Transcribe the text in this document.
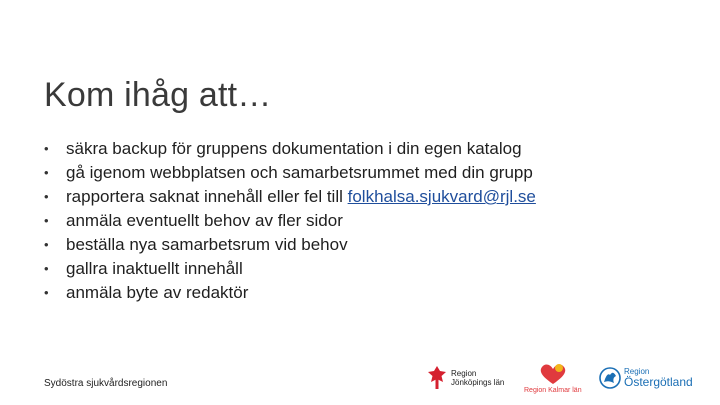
Kom ihåg att…
•	säkra backup för gruppens dokumentation i din egen katalog
•	gå igenom webbplatsen och samarbetsrummet med din grupp
•	rapportera saknat innehåll eller fel till folkhalsa.sjukvard@rjl.se
•	anmäla eventuellt behov av fler sidor
•	beställa nya samarbetsrum vid behov
•	gallra inaktuellt innehåll
•	anmäla byte av redaktör
Sydöstra sjukvårdsregionen
Region
Jönköpings län
Region Kalmar län
Region
Östergötland
